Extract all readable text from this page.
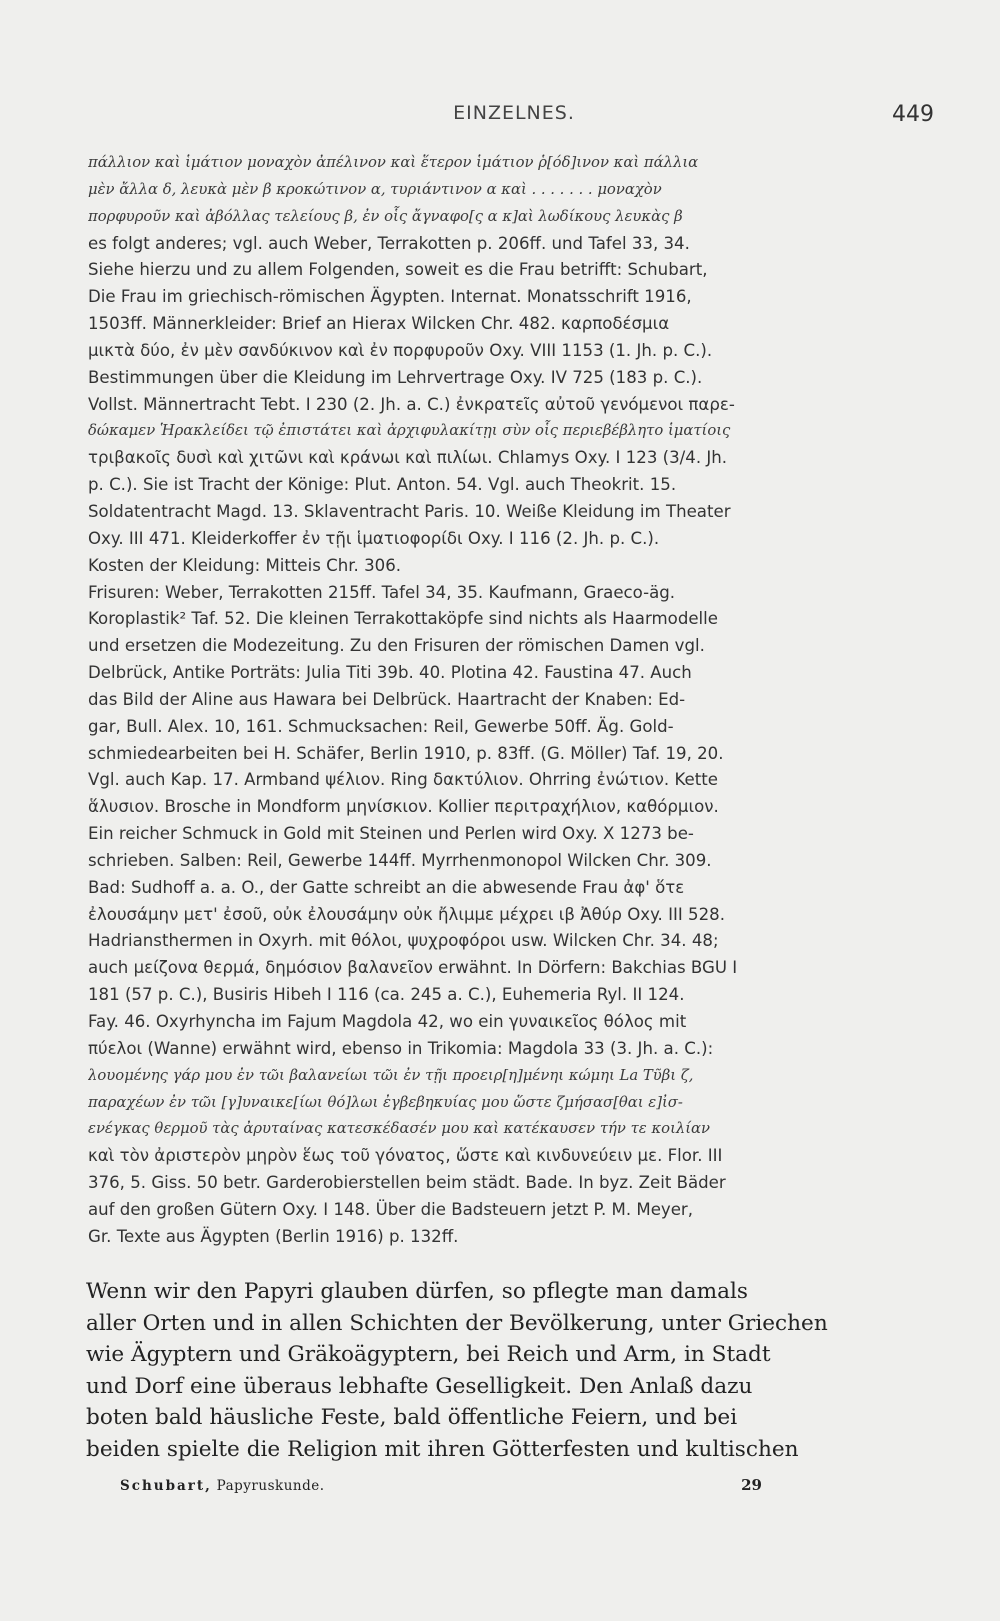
EINZELNES.	449
πάλλιον καὶ ἱμάτιον μοναχὸν ἀπέλινον καὶ ἕτερον ἱμάτιον ῥ[όδ]ινον καὶ πάλλια
μὲν ἄλλα δ, λευκὰ μὲν β κροκώτινον α, τυριάντινον α καὶ . . . . . . . μοναχὸν
πορφυροῦν καὶ ἀβόλλας τελείους β, ἐν οἷς ἄγναφο[ς α κ]αὶ λωδίκους λευκὰς β
es folgt anderes; vgl. auch Weber, Terrakotten p. 206ff. und Tafel 33, 34.
Siehe hierzu und zu allem Folgenden, soweit es die Frau betrifft: Schubart,
Die Frau im griechisch-römischen Ägypten. Internat. Monatsschrift 1916,
1503ff. Männerkleider: Brief an Hierax Wilcken Chr. 482. καρποδέσμια
μικτὰ δύο, ἐν μὲν σανδύκινον καὶ ἐν πορφυροῦν Oxy. VIII 1153 (1. Jh. p. C.).
Bestimmungen über die Kleidung im Lehrvertrage Oxy. IV 725 (183 p. C.).
Vollst. Männertracht Tebt. I 230 (2. Jh. a. C.) ἐνκρατεῖς αὐτοῦ γενόμενοι παρε-
δώκαμεν Ἡρακλείδει τῷ ἐπιστάτει καὶ ἀρχιφυλακίτῃι σὺν οἷς περιεβέβλητο ἱματίοις
τριβακοῖς δυσὶ καὶ χιτῶνι καὶ κράνωι καὶ πιλίωι. Chlamys Oxy. I 123 (3/4. Jh.
p. C.). Sie ist Tracht der Könige: Plut. Anton. 54. Vgl. auch Theokrit. 15.
Soldatentracht Magd. 13. Sklaventracht Paris. 10. Weiße Kleidung im Theater
Oxy. III 471. Kleiderkoffer ἐν τῇι ἱματιοφορίδι Oxy. I 116 (2. Jh. p. C.).
Kosten der Kleidung: Mitteis Chr. 306.
Frisuren: Weber, Terrakotten 215ff. Tafel 34, 35. Kaufmann, Graeco-äg.
Koroplastik² Taf. 52. Die kleinen Terrakottaköpfe sind nichts als Haarmodelle
und ersetzen die Modezeitung. Zu den Frisuren der römischen Damen vgl.
Delbrück, Antike Porträts: Julia Titi 39b. 40. Plotina 42. Faustina 47. Auch
das Bild der Aline aus Hawara bei Delbrück. Haartracht der Knaben: Ed-
gar, Bull. Alex. 10, 161. Schmucksachen: Reil, Gewerbe 50ff. Äg. Gold-
schmiedearbeiten bei H. Schäfer, Berlin 1910, p. 83ff. (G. Möller) Taf. 19, 20.
Vgl. auch Kap. 17. Armband ψέλιον. Ring δακτύλιον. Ohrring ἐνώτιον. Kette
ἅλυσιον. Brosche in Mondform μηνίσκιον. Kollier περιτραχήλιον, καθόρμιον.
Ein reicher Schmuck in Gold mit Steinen und Perlen wird Oxy. X 1273 be-
schrieben. Salben: Reil, Gewerbe 144ff. Myrrhenmonopol Wilcken Chr. 309.
Bad: Sudhoff a. a. O., der Gatte schreibt an die abwesende Frau ἀφ' ὅτε
ἐλουσάμην μετ' ἐσοῦ, οὐκ ἐλουσάμην οὐκ ἤλιμμε μέχρει ιβ Ἀθύρ Oxy. III 528.
Hadriansthermen in Oxyrh. mit θόλοι, ψυχροφόροι usw. Wilcken Chr. 34. 48;
auch μείζονα θερμά, δημόσιον βαλανεῖον erwähnt. In Dörfern: Bakchias BGU I
181 (57 p. C.), Busiris Hibeh I 116 (ca. 245 a. C.), Euhemeria Ryl. II 124.
Fay. 46. Oxyrhyncha im Fajum Magdola 42, wo ein γυναικεῖος θόλος mit
πύελοι (Wanne) erwähnt wird, ebenso in Trikomia: Magdola 33 (3. Jh. a. C.):
λουομένης γάρ μου ἐν τῶι βαλανείωι τῶι ἐν τῇι προειρ[η]μένηι κώμηι La Τῦβι ζ,
παραχέων ἐν τῶι [γ]υναικε[ίωι θό]λωι ἐγβεβηκυίας μου ὥστε ζμήσασ[θαι ε]ἰσ-
ενέγκας θερμοῦ τὰς ἀρυταίνας κατεσκέδασέν μου καὶ κατέκαυσεν τήν τε κοιλίαν
καὶ τὸν ἀριστερὸν μηρὸν ἕως τοῦ γόνατος, ὥστε καὶ κινδυνεύειν με. Flor. III
376, 5. Giss. 50 betr. Garderobierstellen beim städt. Bade. In byz. Zeit Bäder
auf den großen Gütern Oxy. I 148. Über die Badsteuern jetzt P. M. Meyer,
Gr. Texte aus Ägypten (Berlin 1916) p. 132ff.
Wenn wir den Papyri glauben dürfen, so pflegte man damals
aller Orten und in allen Schichten der Bevölkerung, unter Griechen
wie Ägyptern und Gräkoägyptern, bei Reich und Arm, in Stadt
und Dorf eine überaus lebhafte Geselligkeit. Den Anlaß dazu
boten bald häusliche Feste, bald öffentliche Feiern, und bei
beiden spielte die Religion mit ihren Götterfesten und kultischen
Schubart, Papyruskunde.	29
